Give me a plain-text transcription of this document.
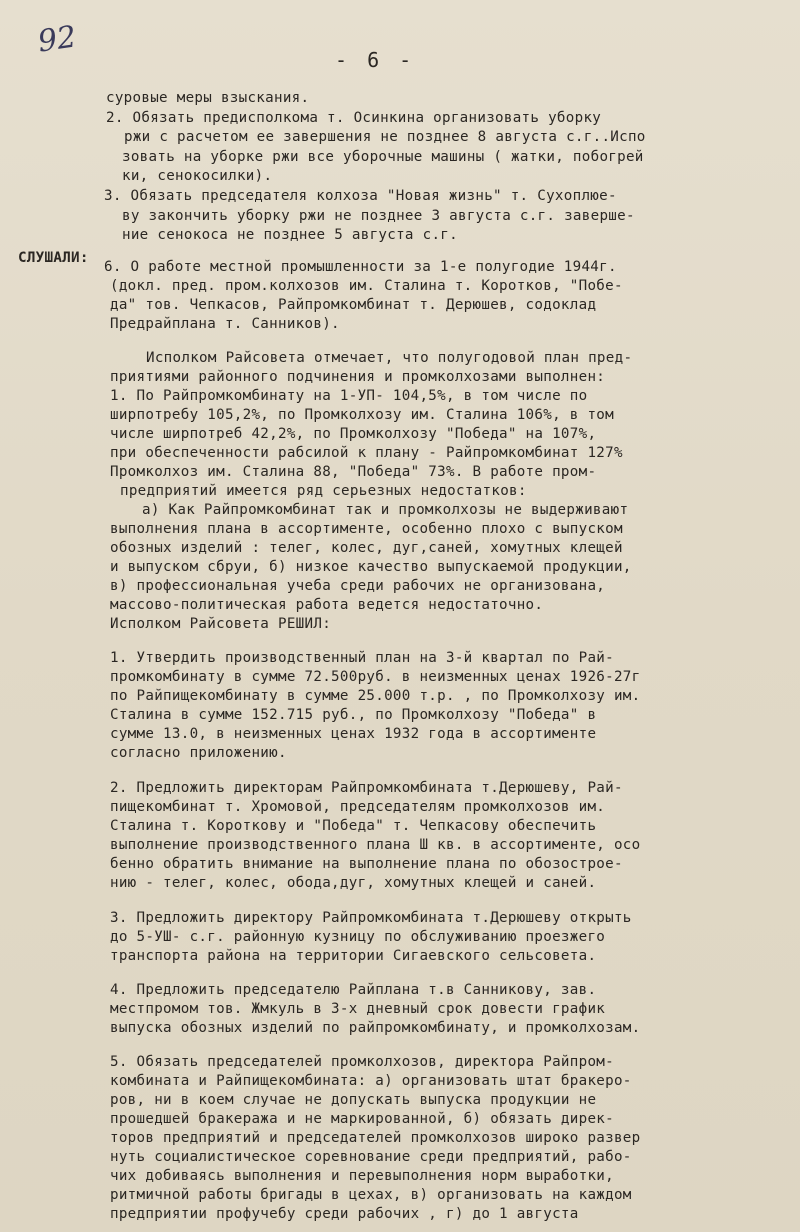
92
- 6 -
СЛУШАЛИ:
суровые меры взыскания.
2. Обязать предисполкома т. Осинкина организовать уборку
ржи с расчетом ее завершения не позднее 8 августа с.г..Испо
зовать на уборке ржи все уборочные машины ( жатки, побогрей
ки, сенокосилки).
3. Обязать председателя колхоза "Новая жизнь" т. Сухоплюе-
ву закончить уборку ржи не позднее 3 августа с.г. заверше-
ние сенокоса не позднее 5 августа с.г.
6. О работе местной промышленности за 1-е полугодие 1944г.
(докл. пред. пром.колхозов им. Сталина т. Коротков, "Побе-
да" тов. Чепкасов, Райпромкомбинат т. Дерюшев, содоклад
Предрайплана т. Санников).
Исполком Райсовета отмечает, что полугодовой план пред-
приятиями районного подчинения и промколхозами выполнен:
1. По Райпромкомбинату на 1-УП- 104,5%, в том числе по
ширпотребу 105,2%, по Промколхозу им. Сталина 106%, в том
числе ширпотреб 42,2%, по Промколхозу "Победа" на 107%,
при обеспеченности рабсилой к плану - Райпромкомбинат 127%
Промколхоз им. Сталина 88, "Победа" 73%. В работе пром-
предприятий имеется ряд серьезных недостатков:
а) Как Райпромкомбинат так и промколхозы не выдерживают
выполнения плана в ассортименте, особенно плохо с выпуском
обозных изделий : телег, колес, дуг,саней, хомутных клещей
и выпуском сбруи, б) низкое качество выпускаемой продукции,
в) профессиональная учеба среди рабочих не организована,
массово-политическая работа ведется недостаточно.
Исполком Райсовета РЕШИЛ:
1. Утвердить производственный план на 3-й квартал по Рай-
промкомбинату в сумме 72.500руб. в неизменных ценах 1926-27г
по Райпищекомбинату в сумме 25.000 т.р. , по Промколхозу им.
Сталина в сумме 152.715 руб., по Промколхозу "Победа" в
сумме 13.0, в неизменных ценах 1932 года в ассортименте
согласно приложению.
2. Предложить директорам Райпромкомбината т.Дерюшеву, Рай-
пищекомбинат т. Хромовой, председателям промколхозов им.
Сталина т. Короткову и "Победа" т. Чепкасову обеспечить
выполнение производственного плана Ш кв. в ассортименте, осо
бенно обратить внимание на выполнение плана по обозостроe-
нию - телег, колес, обода,дуг, хомутных клещей и саней.
3. Предложить директору Райпромкомбината т.Дерюшеву открыть
до 5-УШ- с.г. районную кузницу по обслуживанию проезжего
транспорта района на территории Сигаевского сельсовета.
4. Предложить председателю Райплана т.в Санникову, зав.
местпромом тов. Жмкуль в 3-х дневный срок довести график
выпуска обозных изделий по райпромкомбинату, и промколхозам.
5. Обязать председателей промколхозов, директора Райпром-
комбината и Райпищекомбината: а) организовать штат бракеро-
ров, ни в коем случае не допускать выпуска продукции не
прошедшей бракеража и не маркированной, б) обязать дирек-
торов предприятий и председателей промколхозов широко развер
нуть социалистическое соревнование среди предприятий, рабо-
чих добиваясь выполнения и перевыполнения норм выработки,
ритмичной работы бригады в цехах, в) организовать на каждом
предприятии профучебу среди рабочих , г) до 1 августа
